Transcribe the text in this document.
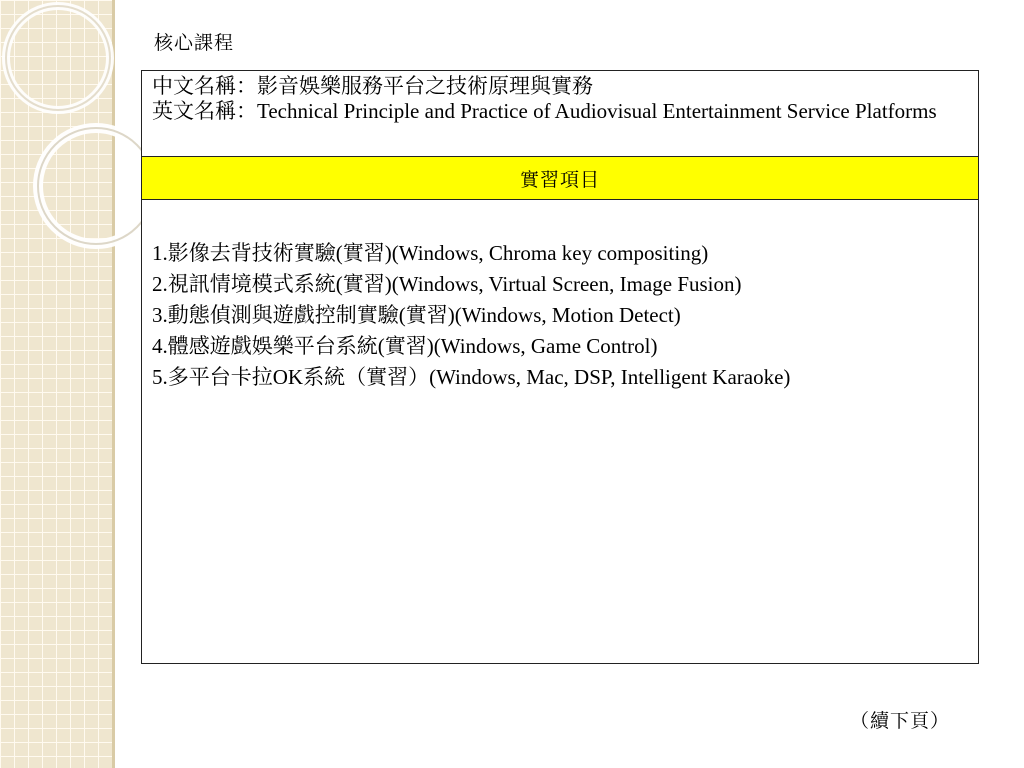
核心課程
中文名稱：影音娛樂服務平台之技術原理與實務
英文名稱：Technical Principle and Practice of Audiovisual Entertainment Service Platforms
實習項目
1.影像去背技術實驗(實習)(Windows, Chroma key compositing)
2.視訊情境模式系統(實習)(Windows, Virtual Screen, Image Fusion)
3.動態偵測與遊戲控制實驗(實習)(Windows, Motion Detect)
4.體感遊戲娛樂平台系統(實習)(Windows, Game Control)
5.多平台卡拉OK系統（實習）(Windows, Mac, DSP, Intelligent Karaoke)
（續下頁）
